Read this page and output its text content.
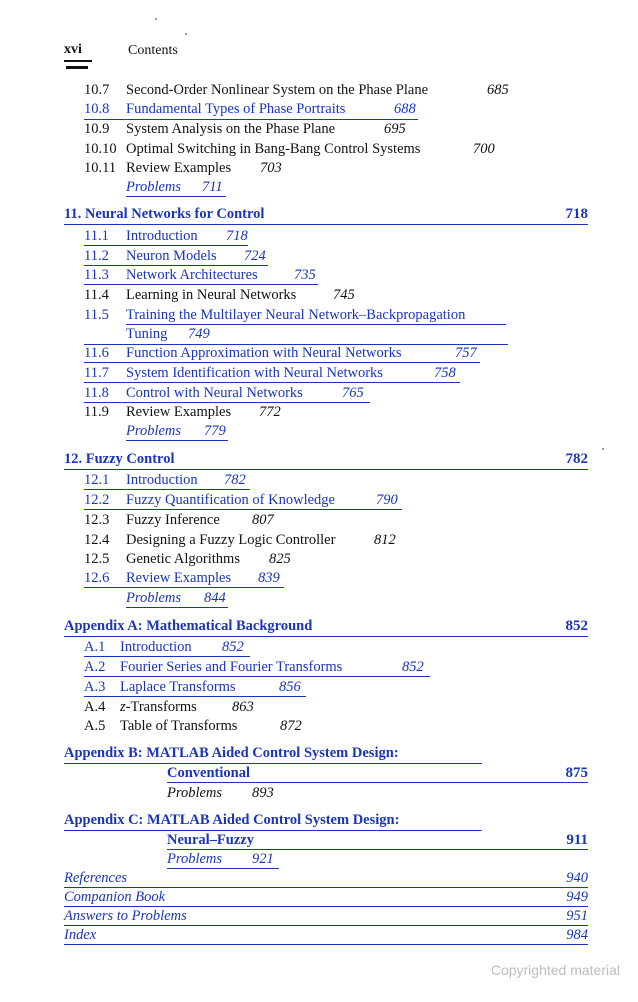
xvi	Contents
10.7 Second-Order Nonlinear System on the Phase Plane	685
10.8 Fundamental Types of Phase Portraits	688
10.9 System Analysis on the Phase Plane	695
10.10 Optimal Switching in Bang-Bang Control Systems	700
10.11 Review Examples 703
Problems 711
11. Neural Networks for Control	718
11.1 Introduction 718
11.2 Neuron Models 724
11.3 Network Architectures	735
11.4 Learning in Neural Networks	745
11.5 Training the Multilayer Neural Network–Backpropagation
Tuning 749
11.6 Function Approximation with Neural Networks	757
11.7 System Identification with Neural Networks	758
11.8 Control with Neural Networks	765
11.9 Review Examples 772
Problems 779
12. Fuzzy Control	782
12.1 Introduction 782
12.2 Fuzzy Quantification of Knowledge	790
12.3 Fuzzy Inference 807
12.4 Designing a Fuzzy Logic Controller	812
12.5 Genetic Algorithms 825
12.6 Review Examples 839
Problems 844
Appendix A: Mathematical Background	852
A.1 Introduction 852
A.2 Fourier Series and Fourier Transforms	852
A.3 Laplace Transforms	856
A.4 z-Transforms 863
A.5 Table of Transforms	872
Appendix B: MATLAB Aided Control System Design:
Conventional	875
Problems 893
Appendix C: MATLAB Aided Control System Design:
Neural–Fuzzy	911
Problems 921
References	940
Companion Book	949
Answers to Problems	951
Index	984
Copyrighted material
